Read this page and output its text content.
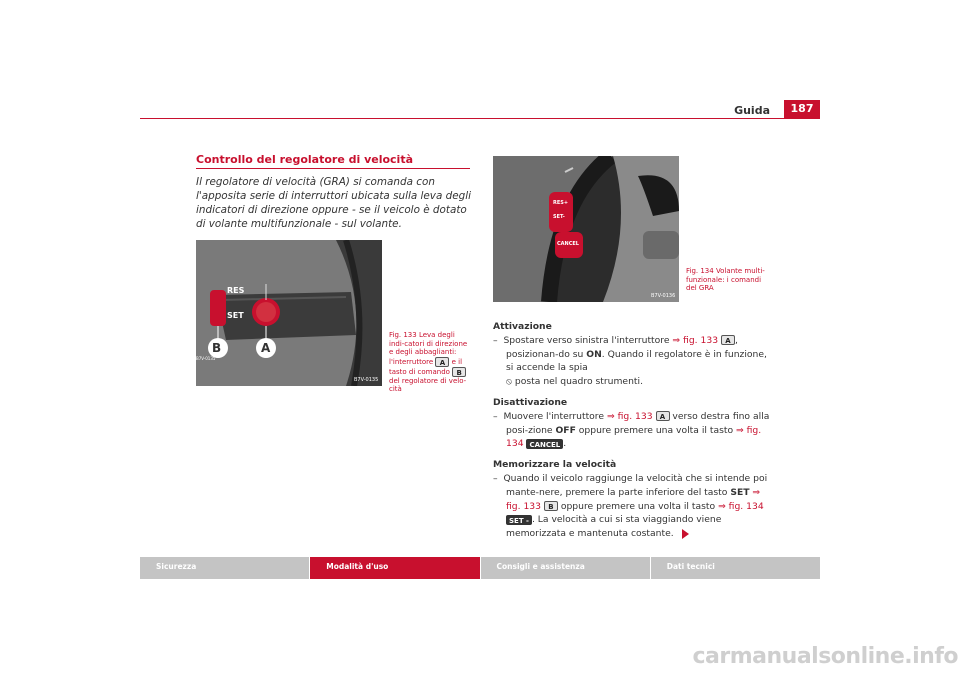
Guida	187
Controllo del regolatore di velocità
Il regolatore di velocità (GRA) si comanda con l'apposita serie di interruttori ubicata sulla leva degli indicatori di direzione oppure - se il veicolo è dotato di volante multifunzionale - sul volante.
B7V-0135
RES
SET
B	A
B7V-0135
Fig. 133 Leva degli indi-catori di direzione e degli abbaglianti: l'interruttore A e il tasto di comando B del regolatore di velo-cità
RES+
SET-
CANCEL
B7V-0136
Fig. 134 Volante multi-funzionale: i comandi del GRA
Attivazione
–  Spostare verso sinistra l'interruttore ⇒ fig. 133 A , posizionan-do su ON. Quando il regolatore è in funzione, si accende la spia
⦸ posta nel quadro strumenti.
Disattivazione
–  Muovere l'interruttore ⇒ fig. 133 A verso destra fino alla posi-zione OFF oppure premere una volta il tasto ⇒ fig. 134 CANCEL .
Memorizzare la velocità
–  Quando il veicolo raggiunge la velocità che si intende poi mante-nere, premere la parte inferiore del tasto SET ⇒ fig. 133 B oppure premere una volta il tasto ⇒ fig. 134 SET - . La velocità a cui si sta viaggiando viene memorizzata e mantenuta costante.
Sicurezza	Modalità d'uso	Consigli e assistenza	Dati tecnici
carmanualsonline.info
